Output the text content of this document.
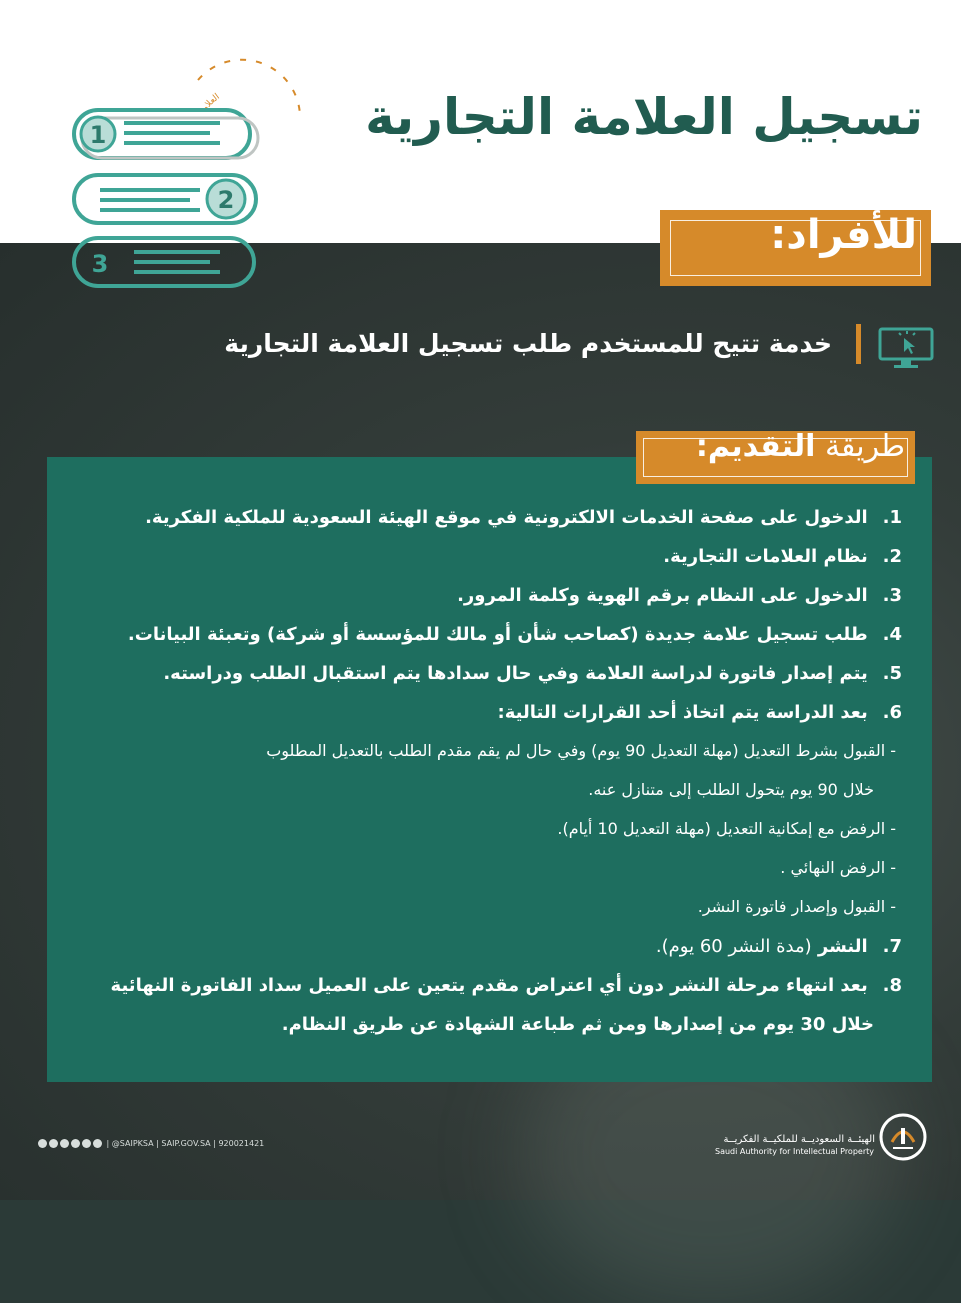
العلامات
1
2
3
تسجيل العلامة التجارية
للأفراد:
خدمة تتيح للمستخدم طلب تسجيل العلامة التجارية
طريقة التقديم:

1. الدخول على صفحة الخدمات الالكترونية في موقع الهيئة السعودية للملكية الفكرية.

2. نظام العلامات التجارية.

3. الدخول على النظام برقم الهوية وكلمة المرور.

4. طلب تسجيل علامة جديدة (كصاحب شأن أو مالك للمؤسسة أو شركة) وتعبئة البيانات.

5. يتم إصدار فاتورة لدراسة العلامة وفي حال سدادها يتم استقبال الطلب ودراسته.

6. بعد الدراسة يتم اتخاذ أحد القرارات التالية:

- القبول بشرط التعديل (مهلة التعديل 90 يوم) وفي حال لم يقم مقدم الطلب بالتعديل المطلوب

خلال 90 يوم يتحول الطلب إلى متنازل عنه.

- الرفض مع إمكانية التعديل (مهلة التعديل 10 أيام).

- الرفض النهائي .

- القبول وإصدار فاتورة النشر.

7. النشر (مدة النشر 60 يوم).

8. بعد انتهاء مرحلة النشر دون أي اعتراض مقدم يتعين على العميل سداد الفاتورة النهائية

خلال 30 يوم من إصدارها ومن ثم طباعة الشهادة عن طريق النظام.

الهيئــة السعوديــة للملكيــة الفكريــة

Saudi Authority for Intellectual Property

| @SAIPKSA | SAIP.GOV.SA | 920021421
